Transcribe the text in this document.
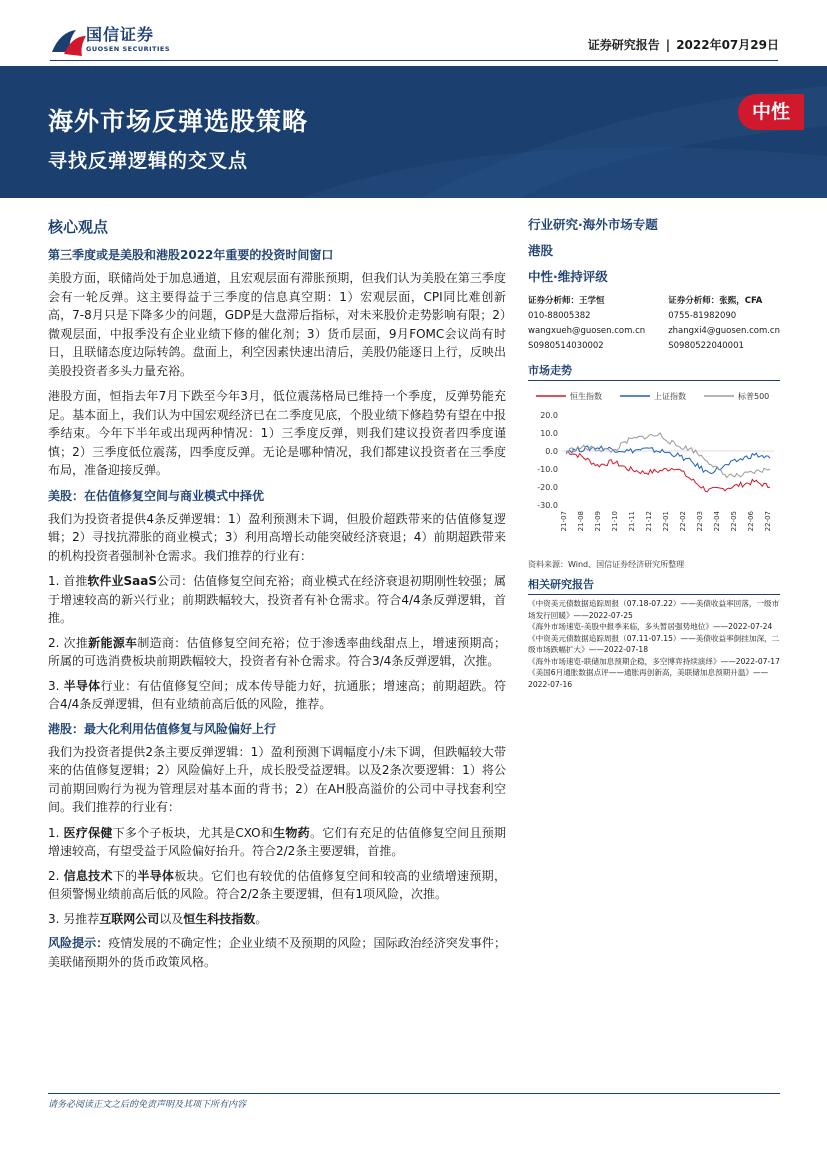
国信证券
GUOSEN SECURITIES	证券研究报告 | 2022年07月29日
海外市场反弹选股策略
寻找反弹逻辑的交叉点
中性
核心观点
第三季度或是美股和港股2022年重要的投资时间窗口

美股方面，联储尚处于加息通道，且宏观层面有滞胀预期，但我们认为美股在第三季度会有一轮反弹。这主要得益于三季度的信息真空期：1）宏观层面，CPI同比难创新高，7-8月只是下降多少的问题，GDP是大盘滞后指标，对未来股价走势影响有限；2）微观层面，中报季没有企业业绩下修的催化剂；3）货币层面，9月FOMC会议尚有时日，且联储态度边际转鸽。盘面上，利空因素快速出清后，美股仍能逐日上行，反映出美股投资者多头力量充裕。

港股方面，恒指去年7月下跌至今年3月，低位震荡格局已维持一个季度，反弹势能充足。基本面上，我们认为中国宏观经济已在二季度见底，个股业绩下修趋势有望在中报季结束。今年下半年或出现两种情况：1）三季度反弹，则我们建议投资者四季度谨慎；2）三季度低位震荡，四季度反弹。无论是哪种情况，我们都建议投资者在三季度布局，准备迎接反弹。

美股：在估值修复空间与商业模式中择优

我们为投资者提供4条反弹逻辑：1）盈利预测未下调，但股价超跌带来的估值修复逻辑；2）寻找抗滞胀的商业模式；3）利用高增长动能突破经济衰退；4）前期超跌带来的机构投资者强制补仓需求。我们推荐的行业有：

1. 首推软件业SaaS公司：估值修复空间充裕；商业模式在经济衰退初期刚性较强；属于增速较高的新兴行业；前期跌幅较大，投资者有补仓需求。符合4/4条反弹逻辑，首推。

2. 次推新能源车制造商：估值修复空间充裕；位于渗透率曲线甜点上，增速预期高；所属的可选消费板块前期跌幅较大，投资者有补仓需求。符合3/4条反弹逻辑，次推。

3. 半导体行业：有估值修复空间；成本传导能力好，抗通胀；增速高；前期超跌。符合4/4条反弹逻辑，但有业绩前高后低的风险，推荐。

港股：最大化利用估值修复与风险偏好上行

我们为投资者提供2条主要反弹逻辑：1）盈利预测下调幅度小/未下调，但跌幅较大带来的估值修复逻辑；2）风险偏好上升，成长股受益逻辑。以及2条次要逻辑：1）将公司前期回购行为视为管理层对基本面的背书；2）在AH股高溢价的公司中寻找套利空间。我们推荐的行业有：

1. 医疗保健下多个子板块，尤其是CXO和生物药。它们有充足的估值修复空间且预期增速较高，有望受益于风险偏好抬升。符合2/2条主要逻辑，首推。

2. 信息技术下的半导体板块。它们也有较优的估值修复空间和较高的业绩增速预期，但须警惕业绩前高后低的风险。符合2/2条主要逻辑，但有1项风险，次推。

3. 另推荐互联网公司以及恒生科技指数。

风险提示：疫情发展的不确定性；企业业绩不及预期的风险；国际政治经济突发事件；美联储预期外的货币政策风格。

行业研究·海外市场专题
港股
中性·维持评级
证券分析师：王学恒
010-88005382
wangxueh@guosen.com.cn
S0980514030002
证券分析师：张熙，CFA
0755-81982090
zhangxi4@guosen.com.cn
S0980522040001
市场走势
恒生指数	上证指数	标普500
20.0
10.0
0.0
-10.0
-20.0
-30.0
21-07 21-08 21-09 21-10 21-11 21-12 22-01 22-02 22-03 22-04 22-05 22-06 22-07
资料来源：Wind、国信证券经济研究所整理
相关研究报告
《中资美元债数据追踪周报（07.18-07.22）——美债收益率回落，一级市场发行回暖》——2022-07-25
《海外市场速览-美股中报季来临，多头暂居强势地位》——2022-07-24
《中资美元债数据追踪周报（07.11-07.15）——美债收益率倒挂加深，二级市场跌幅扩大》——2022-07-18
《海外市场速览-联储加息预期企稳，多空博弈持续演绎》——2022-07-17
《美国6月通胀数据点评——通胀再创新高，美联储加息预期升温》——2022-07-16
请务必阅读正文之后的免责声明及其项下所有内容
